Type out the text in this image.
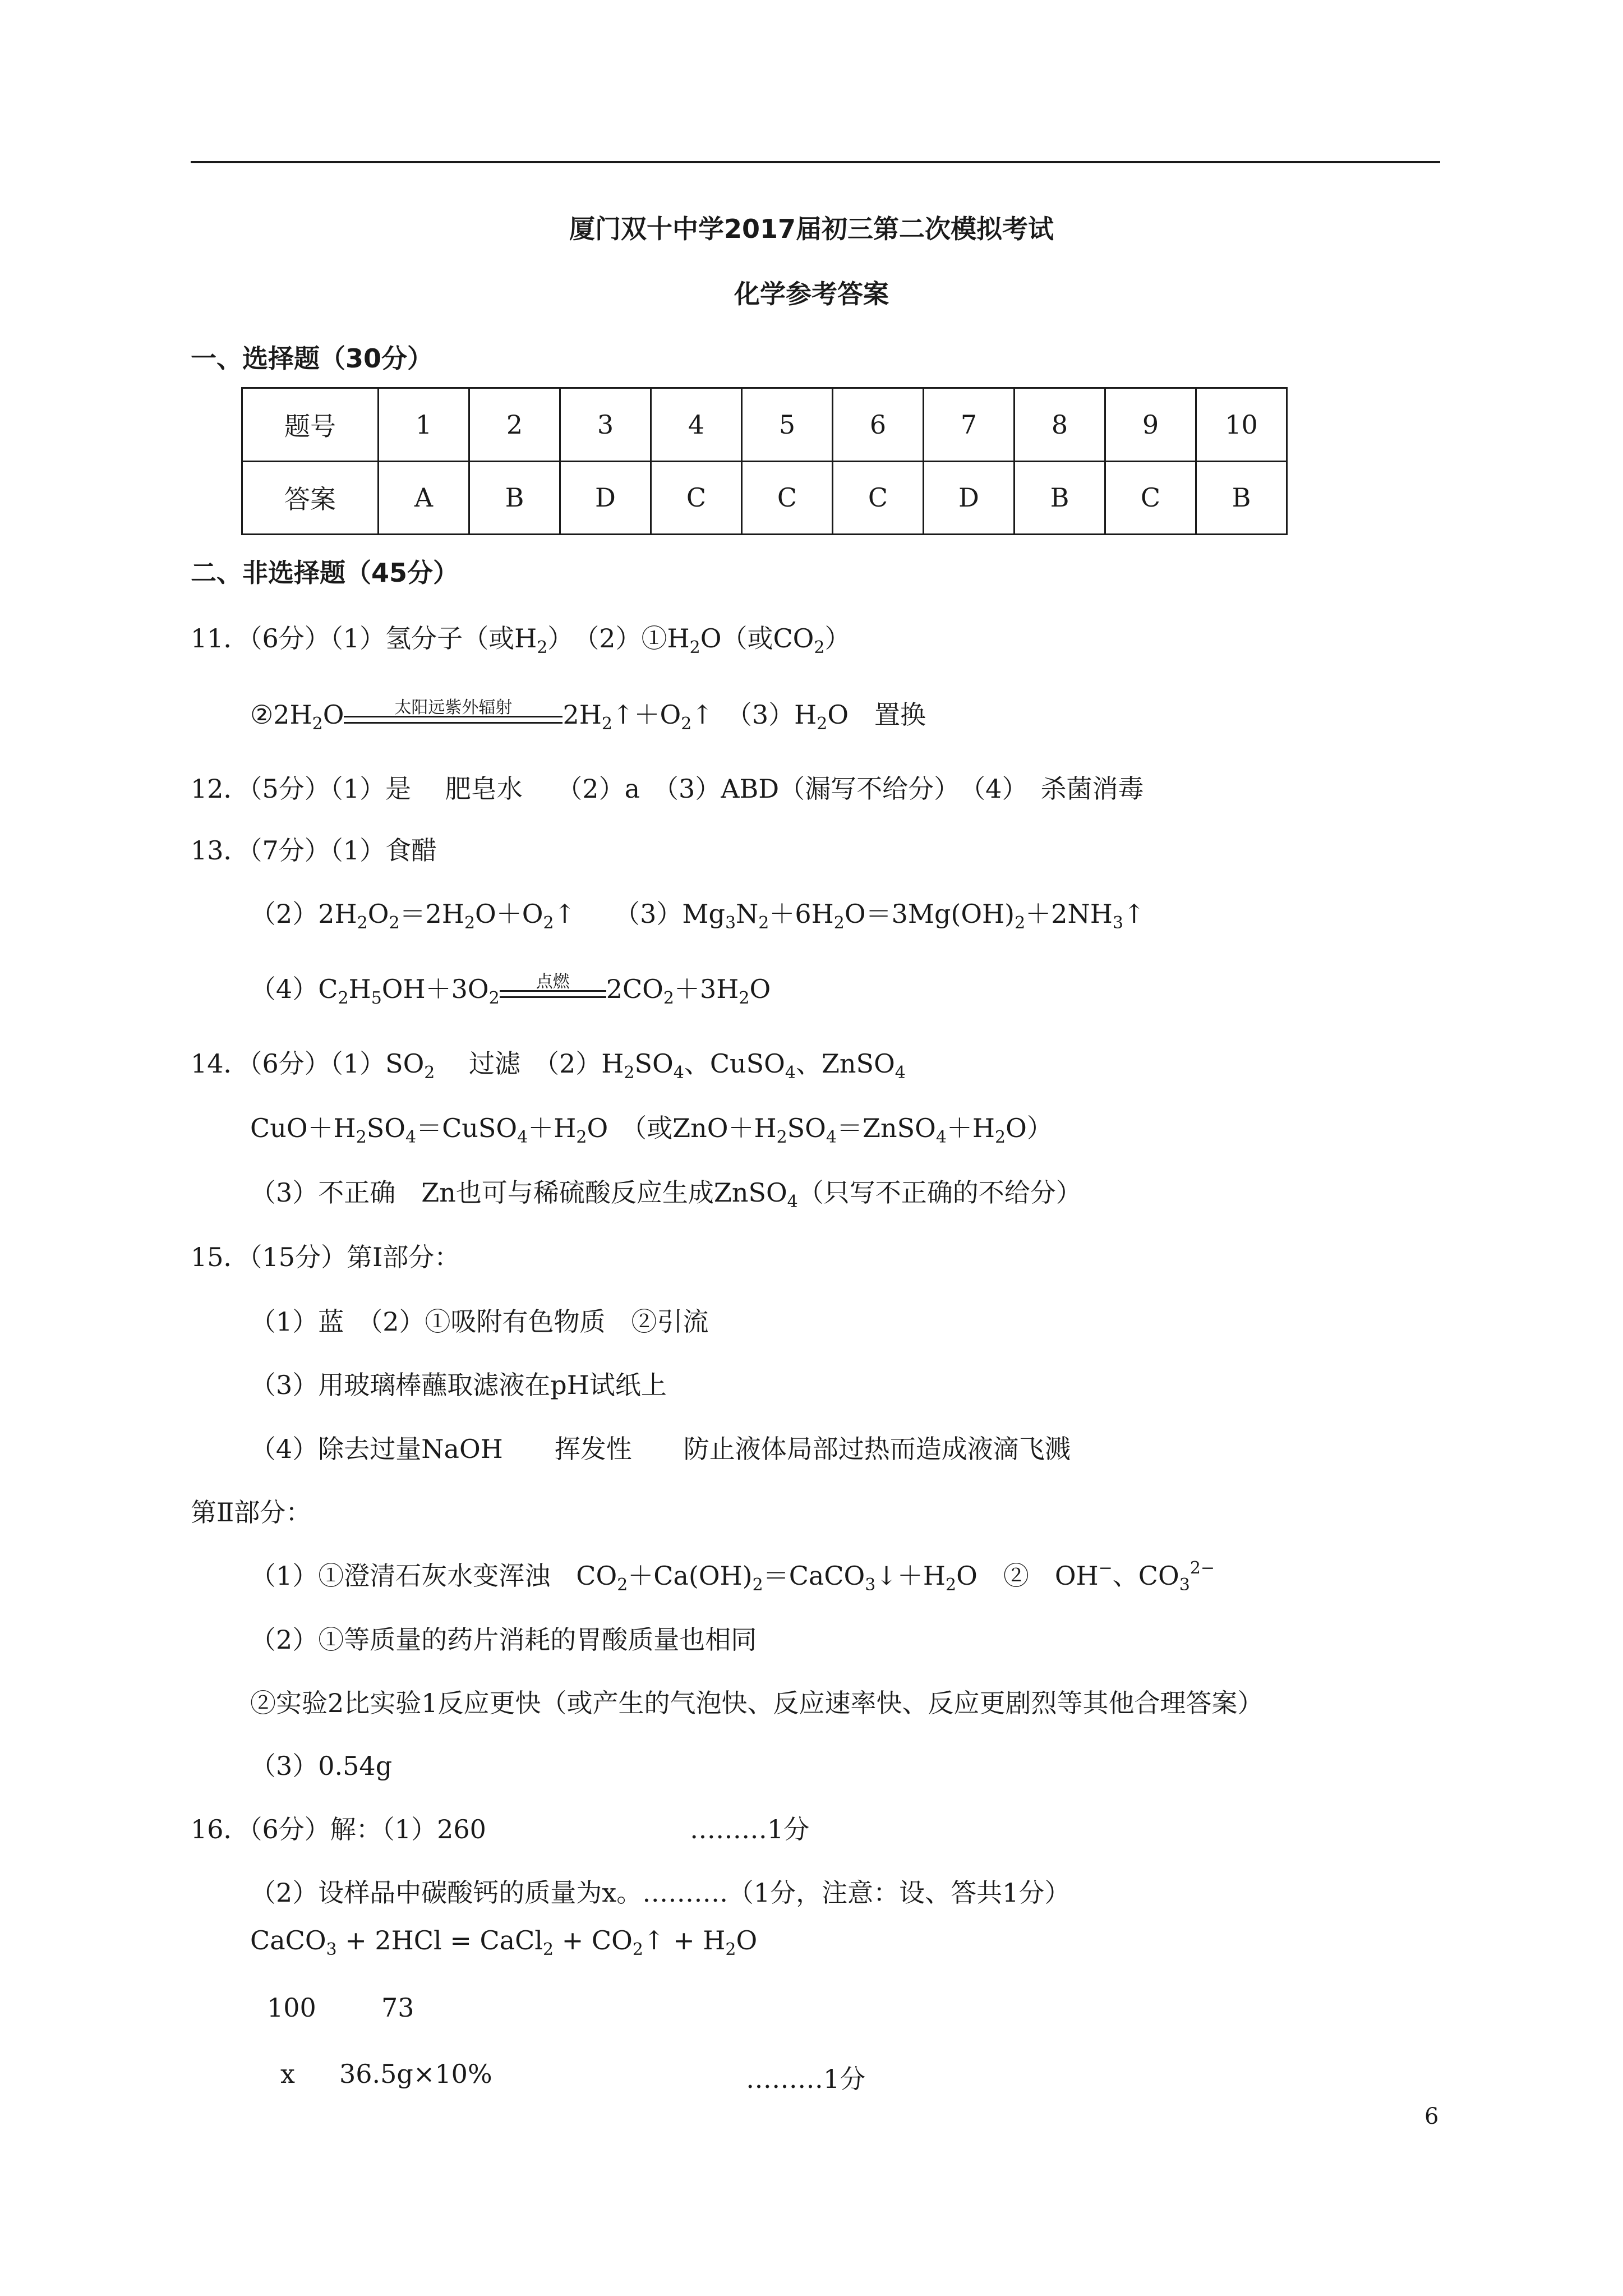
厦门双十中学2017届初三第二次模拟考试
化学参考答案
一、选择题（30分）
题号	1	2	3	4	5	6	7	8	9	10
答案	A	B	D	C	C	C	D	B	C	B
二、非选择题（45分）
11．（6分）（1）氢分子（或$H_2$）　$(2)①H_2O$（或$CO_2$）
$②2H_2O$	太阳远紫外辐射	$2H_2↑+O_2↑$　$(3)H_2O$　置换
12．（5分）（1）是　 肥皂水　 （2）a　（3）ABD（漏写不给分）　（4）　杀菌消毒
13．（7分）（1）食醋
$(2)2H_2O_2=2H_2O+O_2↑$　　$(3)Mg_3N_2+6H_2O=3Mg(OH)_2+2NH_3↑$
$(4)C_2H_5OH+3O_2$
点燃	$2CO_2+3H_2O$
14．（6分）$(1)SO_2$　 过滤　$(2)H_2SO_4$、CuSO$_4$、ZnSO$_4$
$CuO+H_2SO_4=CuSO_4+H_2O$　（或$ZnO+H_2SO_4=ZnSO_4+H_2O$）
（3）不正确　Zn也可与稀硫酸反应生成ZnSO$_4$（只写不正确的不给分）
15．（15分）第Ⅰ部分：
（1）蓝　（2）①吸附有色物质　②引流
（3）用玻璃棒蘸取滤液在pH试纸上
（4）除去过量NaOH　　挥发性　　防止液体局部过热而造成液滴飞溅
第Ⅱ部分：
（1）①澄清石灰水变浑浊　$CO_2+Ca(OH)_2=CaCO_3↓+H_2O$　②　OH−、$CO_3^{2-}$
（2）①等质量的药片消耗的胃酸质量也相同
②实验2比实验1反应更快（或产生的气泡快、反应速率快、反应更剧烈等其他合理答案）
（3）0.54g
16．（6分）解：（1）260	………1分
（2）设样品中碳酸钙的质量为x。……….（1分，注意：设、答共1分）
CaCO$_3$ + 2HCl = CaCl$_2$ + $CO_2↑ + H_2O$
100	73
x 36.5g×10%	………1分
6
